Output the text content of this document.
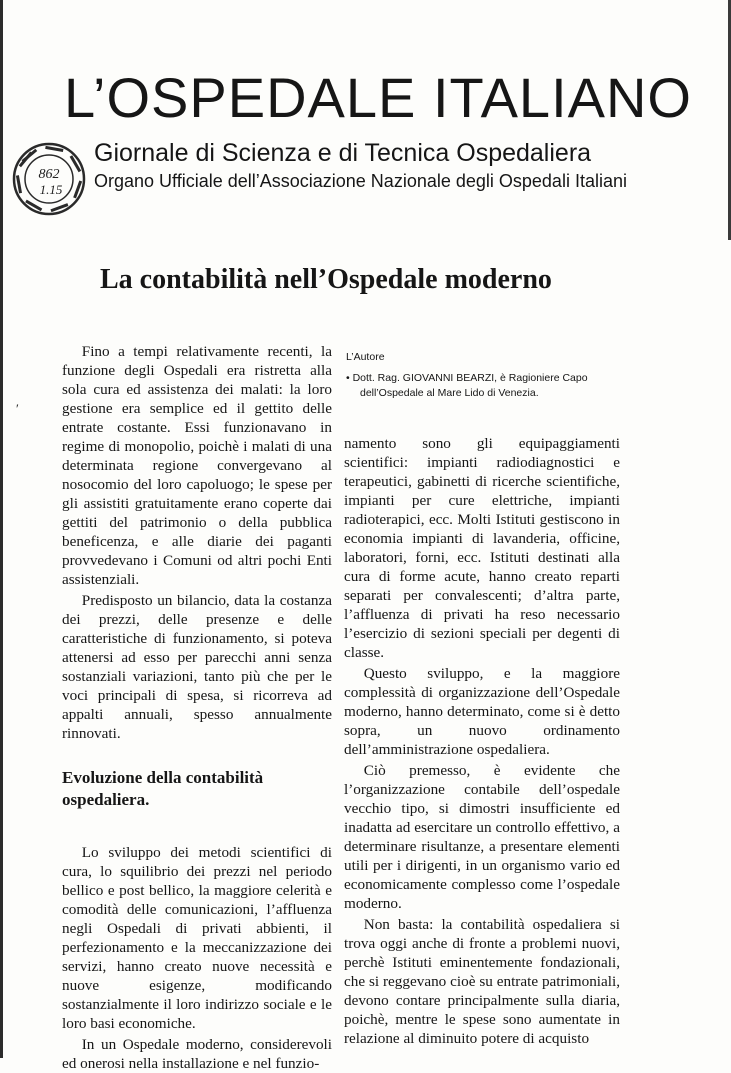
L’OSPEDALE ITALIANO

Giornale di Scienza e di Tecnica Ospedaliera

Organo Ufficiale dell’Associazione Nazionale degli Ospedali Italiani

862
1.15
La contabilità nell’Ospedale moderno
ʹ

Fino a tempi relativamente recenti, la funzione degli Ospedali era ristretta alla sola cura ed assistenza dei malati: la loro gestione era semplice ed il gettito delle entrate costante. Essi funzionavano in regime di monopolio, poichè i malati di una determinata regione convergevano al nosocomio del loro capoluogo; le spese per gli assistiti gratuitamente erano coperte dai gettiti del patrimonio o della pubblica beneficenza, e alle diarie dei paganti provvedevano i Comuni od altri pochi Enti assistenziali.

Predisposto un bilancio, data la costanza dei prezzi, delle presenze e delle caratteristiche di funzionamento, si poteva attenersi ad esso per parecchi anni senza sostanziali variazioni, tanto più che per le voci principali di spesa, si ricorreva ad appalti annuali, spesso annualmente rinnovati.

Evoluzione della contabilità ospedaliera.

Lo sviluppo dei metodi scientifici di cura, lo squilibrio dei prezzi nel periodo bellico e post bellico, la maggiore celerità e comodità delle comunicazioni, l’affluenza negli Ospedali di privati abbienti, il perfezionamento e la meccanizzazione dei servizi, hanno creato nuove necessità e nuove esigenze, modificando sostanzialmente il loro indirizzo sociale e le loro basi economiche.

In un Ospedale moderno, considerevoli ed onerosi nella installazione e nel funzio-

L’Autore

• Dott. Rag. GIOVANNI BEARZI, è Ragioniere Capo dell’Ospedale al Mare Lido di Venezia.

namento sono gli equipaggiamenti scientifici: impianti radiodiagnostici e terapeutici, gabinetti di ricerche scientifiche, impianti per cure elettriche, impianti radioterapici, ecc. Molti Istituti gestiscono in economia impianti di lavanderia, officine, laboratori, forni, ecc. Istituti destinati alla cura di forme acute, hanno creato reparti separati per convalescenti; d’altra parte, l’affluenza di privati ha reso necessario l’esercizio di sezioni speciali per degenti di classe.

Questo sviluppo, e la maggiore complessità di organizzazione dell’Ospedale moderno, hanno determinato, come si è detto sopra, un nuovo ordinamento dell’amministrazione ospedaliera.

Ciò premesso, è evidente che l’organizzazione contabile dell’ospedale vecchio tipo, si dimostri insufficiente ed inadatta ad esercitare un controllo effettivo, a determinare risultanze, a presentare elementi utili per i dirigenti, in un organismo vario ed economicamente complesso come l’ospedale moderno.

Non basta: la contabilità ospedaliera si trova oggi anche di fronte a problemi nuovi, perchè Istituti eminentemente fondazionali, che si reggevano cioè su entrate patrimoniali, devono contare principalmente sulla diaria, poichè, mentre le spese sono aumentate in relazione al diminuito potere di acquisto
